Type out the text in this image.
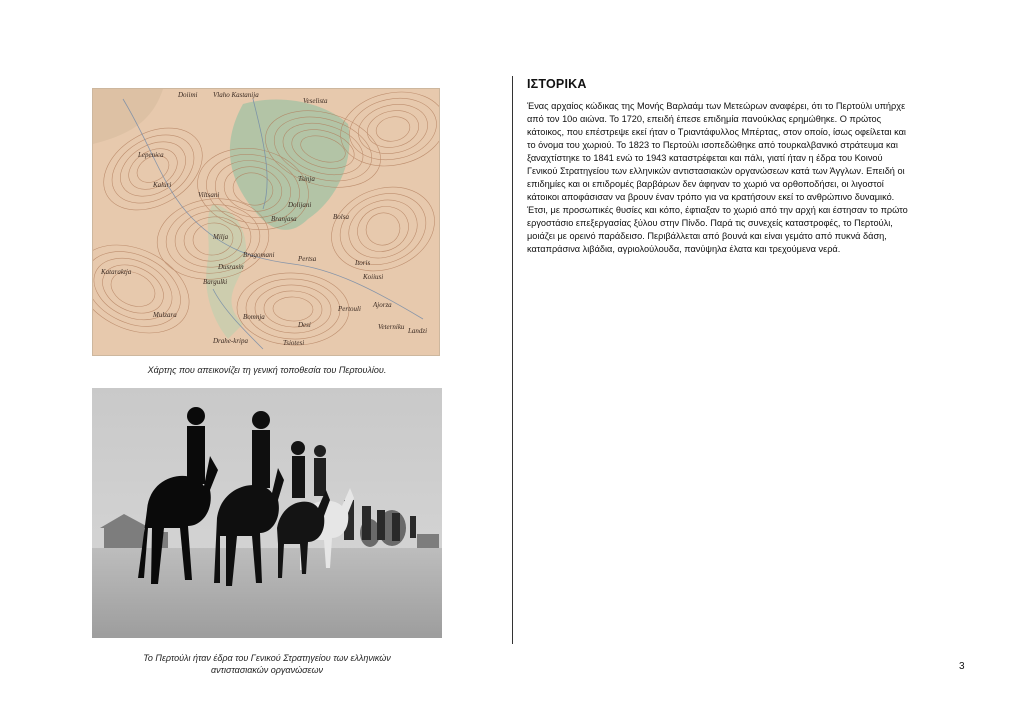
Vlaho Kastanija
Veselista
Lepenica
Kaluri
Viltsani
Tsinja
Dolijani
Branjasa
Bragomani	Pertsa
Koiiusi
Dusrasin
Bargulki
Milja
Mulzara	Bomnja
Pertouli
Veterniku Landzi
Tsiotesi
Drahe-kripa
Ajorza
Desi
Kataraktja
Bolsa
Itoris
Doiimi
Χάρτης που απεικονίζει τη γενική τοποθεσία του Περτουλίου.
Το Περτούλι ήταν έδρα του Γενικού Στρατηγείου των ελληνικών
αντιστασιακών οργανώσεων
ΙΣΤΟΡΙΚΑ
Ένας αρχαίος κώδικας της Μονής Βαρλαάμ των Μετεώρων αναφέρει, ότι το Περτούλι υπήρχε
από τον 10ο αιώνα. Το 1720, επειδή έπεσε επιδημία πανούκλας ερημώθηκε. Ο πρώτος
κάτοικος, που επέστρεψε εκεί ήταν ο Τριαντάφυλλος Μπέρτας, στον οποίο, ίσως οφείλεται και
το όνομα του χωριού. Το 1823 το Περτούλι ισοπεδώθηκε από τουρκαλβανικό στράτευμα και
ξαναχτίστηκε το 1841 ενώ το 1943 καταστρέφεται και πάλι, γιατί ήταν η έδρα του Κοινού
Γενικού Στρατηγείου των ελληνικών αντιστασιακών οργανώσεων κατά των Άγγλων. Επειδή οι
επιδημίες και οι επιδρομές βαρβάρων δεν άφηναν το χωριό να ορθοποδήσει, οι λιγοστοί
κάτοικοι αποφάσισαν να βρουν έναν τρόπο για να κρατήσουν εκεί το ανθρώπινο δυναμικό.
Έτσι, με προσωπικές θυσίες και κόπο, έφτιαξαν το χωριό από την αρχή και έστησαν το πρώτο
εργοστάσιο επεξεργασίας ξύλου στην Πίνδο. Παρά τις συνεχείς καταστροφές, το Περτούλι,
μοιάζει με ορεινό παράδεισο. Περιβάλλεται από βουνά και είναι γεμάτο από πυκνά δάση,
καταπράσινα λιβάδια, αγριολούλουδα, πανύψηλα έλατα και τρεχούμενα νερά.
3
